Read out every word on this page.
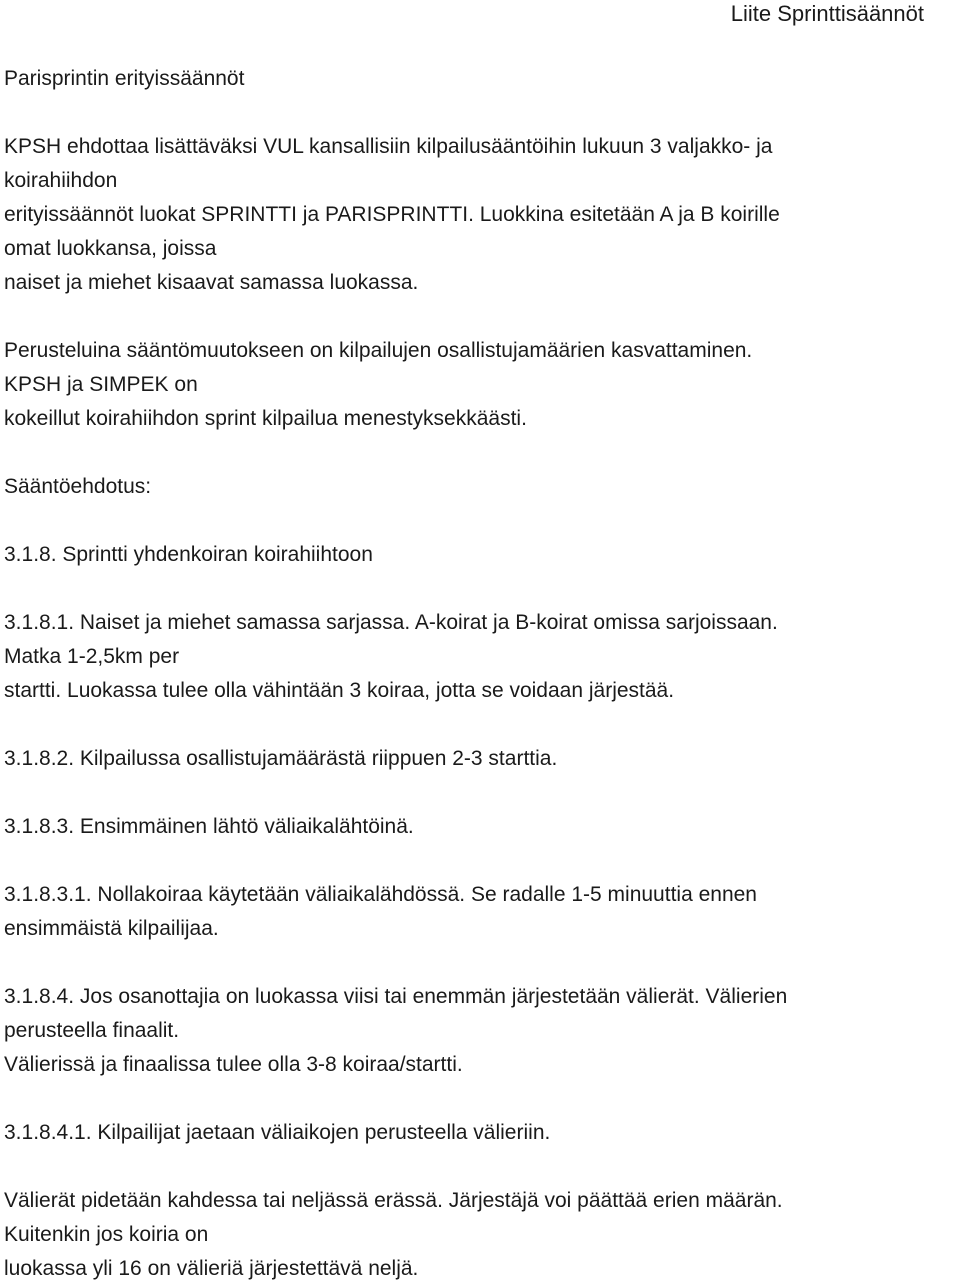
Liite Sprinttisäännöt
Parisprintin erityissäännöt
KPSH ehdottaa lisättäväksi VUL kansallisiin kilpailusääntöihin lukuun 3 valjakko- ja
koirahiihdon
erityissäännöt luokat SPRINTTI ja PARISPRINTTI. Luokkina esitetään A ja B koirille
omat luokkansa, joissa
naiset ja miehet kisaavat samassa luokassa.
Perusteluina sääntömuutokseen on kilpailujen osallistujamäärien kasvattaminen.
KPSH ja SIMPEK on
kokeillut koirahiihdon sprint kilpailua menestyksekkäästi.
Sääntöehdotus:
3.1.8. Sprintti yhdenkoiran koirahiihtoon
3.1.8.1. Naiset ja miehet samassa sarjassa. A-koirat ja B-koirat omissa sarjoissaan.
Matka 1-2,5km per
startti. Luokassa tulee olla vähintään 3 koiraa, jotta se voidaan järjestää.
3.1.8.2. Kilpailussa osallistujamäärästä riippuen 2-3 starttia.
3.1.8.3. Ensimmäinen lähtö väliaikalähtöinä.
3.1.8.3.1. Nollakoiraa käytetään väliaikalähdössä. Se radalle 1-5 minuuttia ennen
ensimmäistä kilpailijaa.
3.1.8.4. Jos osanottajia on luokassa viisi tai enemmän järjestetään välierät. Välierien
perusteella finaalit.
Välierissä ja finaalissa tulee olla 3-8 koiraa/startti.
3.1.8.4.1. Kilpailijat jaetaan väliaikojen perusteella välieriin.
Välierät pidetään kahdessa tai neljässä erässä. Järjestäjä voi päättää erien määrän.
Kuitenkin jos koiria on
luokassa yli 16 on välieriä järjestettävä neljä.
